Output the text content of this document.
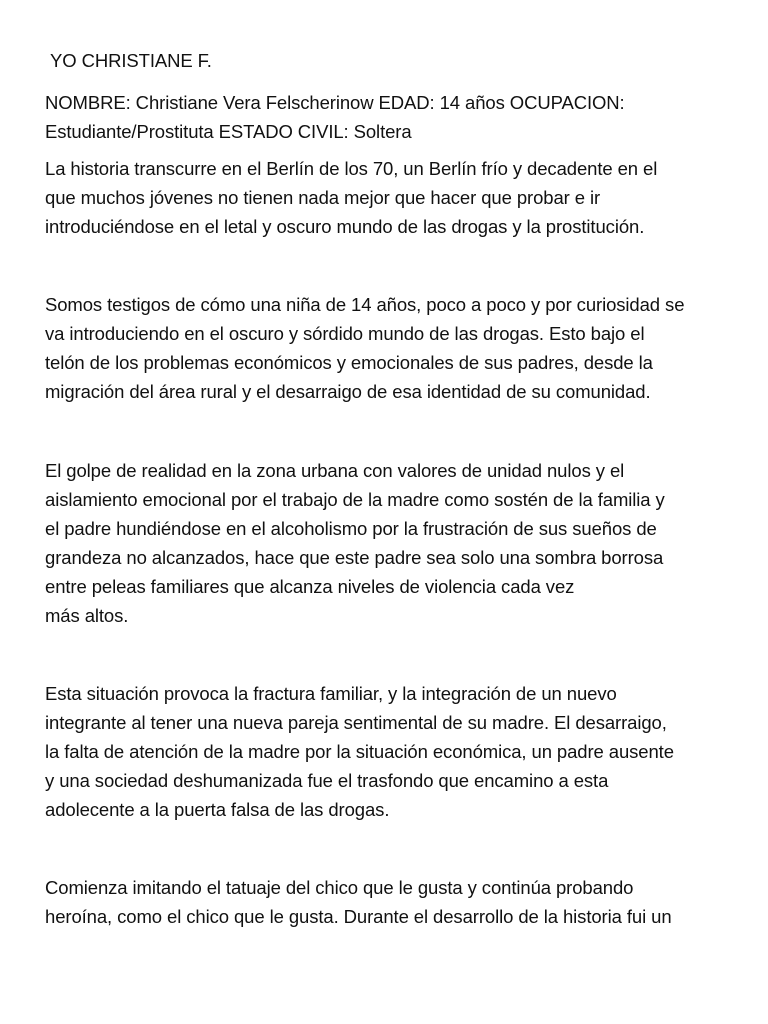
YO CHRISTIANE F.
NOMBRE: Christiane Vera Felscherinow EDAD: 14 años OCUPACION:
Estudiante/Prostituta ESTADO CIVIL: Soltera
La historia transcurre en el Berlín de los 70, un Berlín frío y decadente en el
que muchos jóvenes no tienen nada mejor que hacer que probar e ir
introduciéndose en el letal y oscuro mundo de las drogas y la prostitución.
Somos testigos de cómo una niña de 14 años, poco a poco y por curiosidad se
va introduciendo en el oscuro y sórdido mundo de las drogas. Esto bajo el
telón de los problemas económicos y emocionales de sus padres, desde la
migración del área rural y el desarraigo de esa identidad de su comunidad.
El golpe de realidad en la zona urbana con valores de unidad nulos y el
aislamiento emocional por el trabajo de la madre como sostén de la familia y
el padre hundiéndose en el alcoholismo por la frustración de sus sueños de
grandeza no alcanzados, hace que este padre sea solo una sombra borrosa
entre peleas familiares que alcanza niveles de violencia cada vez
más altos.
Esta situación provoca la fractura familiar, y la integración de un nuevo
integrante al tener una nueva pareja sentimental de su madre. El desarraigo,
la falta de atención de la madre por la situación económica, un padre ausente
y una sociedad deshumanizada fue el trasfondo que encamino a esta
adolecente a la puerta falsa de las drogas.
Comienza imitando el tatuaje del chico que le gusta y continúa probando
heroína, como el chico que le gusta. Durante el desarrollo de la historia fui un
